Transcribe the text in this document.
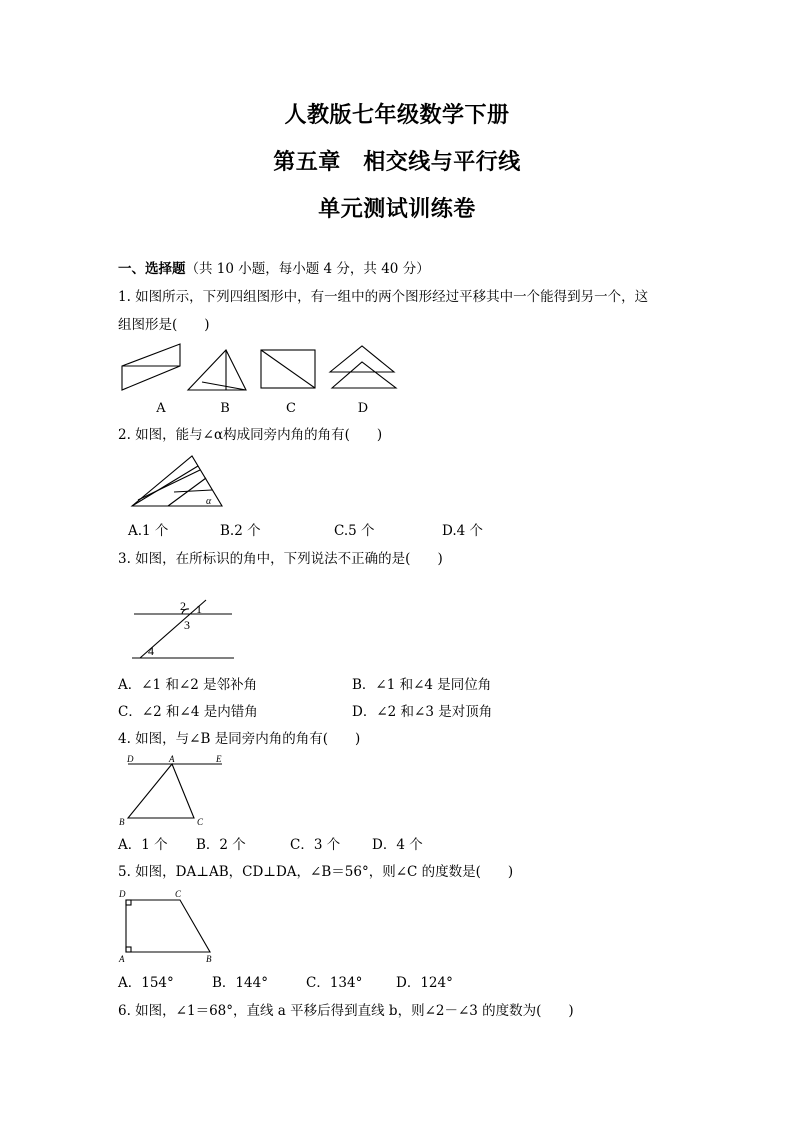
人教版七年级数学下册
第五章　相交线与平行线
单元测试训练卷
一、选择题（共 10 小题，每小题 4 分，共 40 分）
1. 如图所示，下列四组图形中，有一组中的两个图形经过平移其中一个能得到另一个，这
组图形是(　　)
A	B	C	D
2. 如图，能与∠α构成同旁内角的角有(　　)
α
A.1 个	B.2 个	C.5 个	D.4 个
3. 如图，在所标识的角中，下列说法不正确的是(　　)
2 1
3
4
A．∠1 和∠2 是邻补角	B．∠1 和∠4 是同位角
C．∠2 和∠4 是内错角	D．∠2 和∠3 是对顶角
4. 如图，与∠B 是同旁内角的角有(　　)
D	A	E
B	C
A．1 个 B．2 个	C．3 个 D．4 个
5. 如图，DA⊥AB，CD⊥DA，∠B＝56°，则∠C 的度数是(　　)
D	C
A	B
A．154°	B．144°	C．134° D．124°
6. 如图，∠1＝68°，直线 a 平移后得到直线 b，则∠2－∠3 的度数为(　　)
